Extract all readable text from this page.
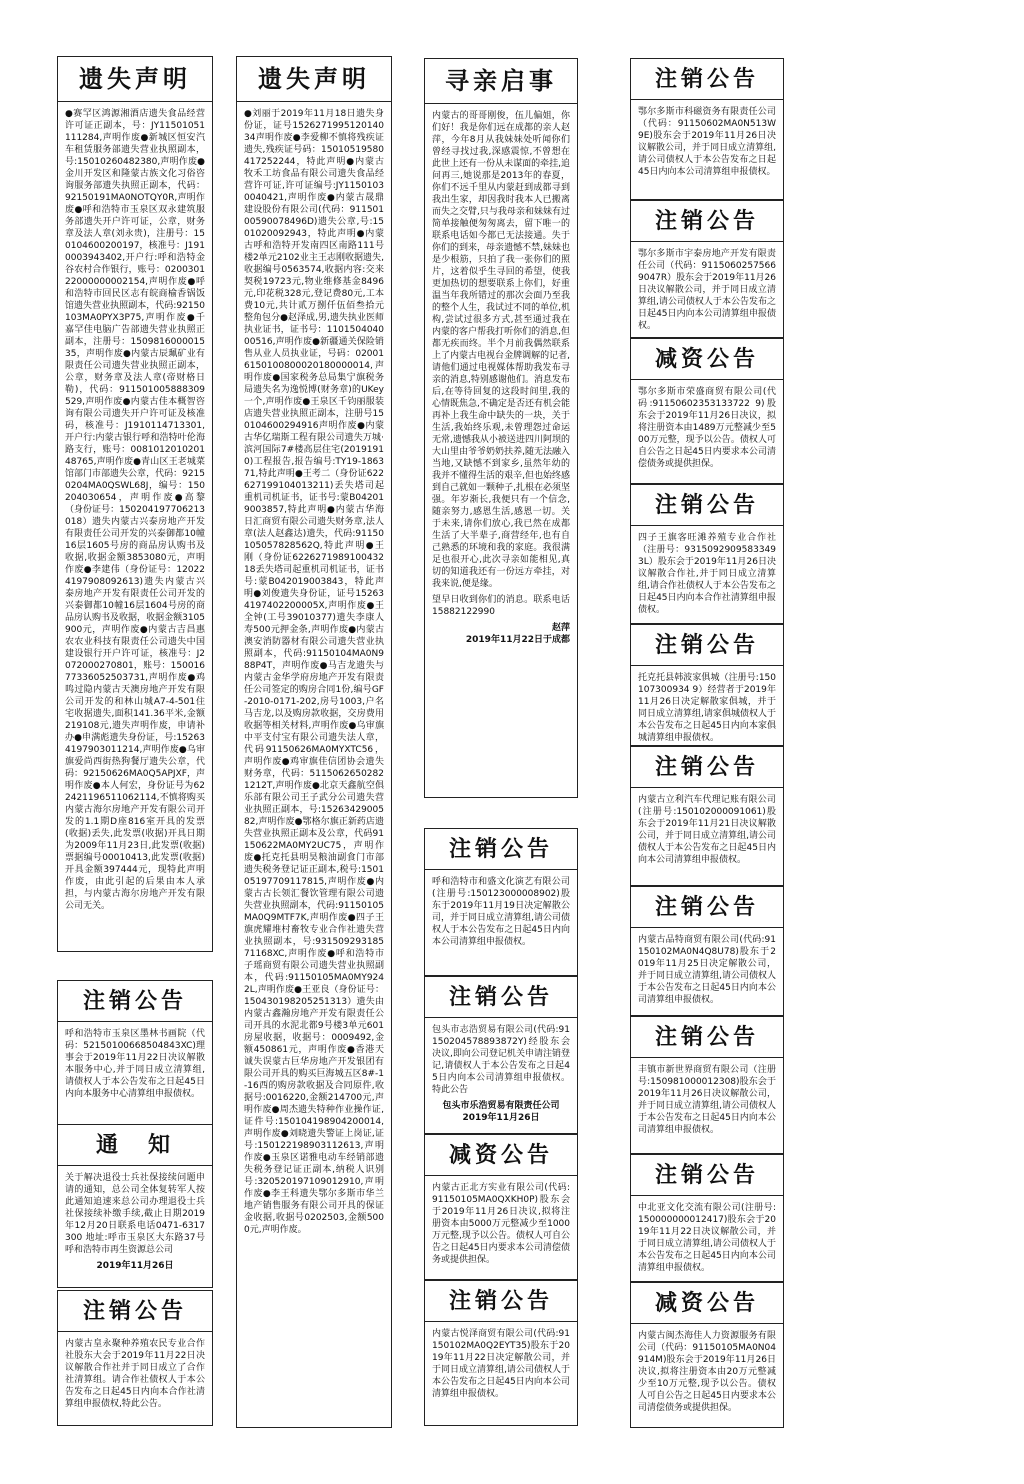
遗失声明
●赛罕区鸿源湘酒店遗失食品经营许可证正副本，号：JY11501051111284,声明作废●新城区恒安汽车租赁服务部遗失营业执照副本，号:15010260482380,声明作废●金川开发区和隆蒙古族文化习俗咨询服务部遗失执照正副本，代码：92150191MA0NOTQY0R,声明作废●呼和浩特市玉泉区双永建筑服务部遗失开户许可证，公章，财务章及法人章(刘永贵)，注册号：150104600200197，核准号：J1910003943402,开户行:呼和浩特金谷农村合作银行，账号：020030122000000002154,声明作废●呼和浩特市回民区志有皖商榆香锅饭馆遗失营业执照副本，代码:92150103MA0PYX3P75,声明作废●千嘉罕佳电脑广告部遗失营业执照正副本，注册号：150981600001535，声明作废●内蒙古辰珮矿业有限责任公司遗失营业执照正副本，公章，财务章及法人章(帝财格日勒)，代码：911501005888309529,声明作废●内蒙古佳本概智咨询有限公司遗失开户许可证及核准码，核准号：J1910114713301,开户行:内蒙古银行呼和浩特叶伦海路支行，账号：008101201020148765,声明作废●青山区王老城菜馆部门市部遗失公章，代码：92150204MA0QSWL68J，编号：150204030654，声明作废●高黎（身份证号：150204197706213018）遗失内蒙古兴泰房地产开发有限责任公司开发的兴泰御都10幢16层1605号房的商品房认购书及收据,收据金额3853080元，声明作废●李建伟（身份证号：120224197908092613)遗失内蒙古兴泰房地产开发有限责任公司开发的兴泰御都10幢16层1604号房的商品房认购书及收据，收据金额3105900元，声明作废●内蒙古吉昌惠农农业科技有限责任公司遗失中国建设银行开户许可证，核准号：J2072000270801，账号：15001677336052503731,声明作废●鸡鸣过隐内蒙古天澳房地产开发有限公司开发的和林山城A7-4-501住宅收据遗失,面积141.36平米,金额219108元,遗失声明作废，申请补办●申满彪遗失身份证，号:152634197903011214,声明作废●乌审旗爱尚西街热狗餐厅遗失公章，代码：92150626MA0Q5APJXF，声明作废●本人何宏，身份证号为622421196511062114,不慎将购买内蒙古海尔房地产开发有限公司开发的1.1期D座816室开具的发票(收据)丢失,此发票(收据)开具日期为2009年11月23日,此发票(收据)票据编号00010413,此发票(收据)开具金额397444元，现特此声明作废，由此引起的后果由本人承担，与内蒙古海尔房地产开发有限公司无关。
注销公告
呼和浩特市玉泉区墨林书画院（代码：52150100668504843XC)理事会于2019年11月22日决议解散本服务中心,并于同日成立清算组,请债权人于本公告发布之日起45日内向本服务中心清算组申报债权。
通　知
关于解决退役士兵社保接续问题申请的通知，总公司全体复转军人按此通知追速来总公司办理退役士兵社保接续补缴手续,截止日期2019年12月20日联系电话0471-6317300 地址:呼市玉泉区大东路37号呼和浩特市再生资源总公司
2019年11月26日
注销公告
内蒙古皇永聚种养殖农民专业合作社股东大会于2019年11月22日决议解散合作社并于同日成立了合作社清算组。请合作社债权人于本公告发布之日起45日内向本合作社清算组申报债权,特此公告。
遗失声明
●刘丽于2019年11月18日遗失身份证，证号152627199512014034声明作废●李爱柳不慎将残疾证遗失,残疾证号码：15010519580417252244，特此声明●内蒙古牧禾工坊食品有限公司遗失食品经营许可证,许可证编号:JY11501030040421,声明作废●内蒙古晟鼎建设股份有限公司(代码：91150100590078496D)遗失公章,号:1501020092943，特此声明●内蒙古呼和浩特开发南四区南路111号楼2单元2102业主王志刚收据遗失,收据编号0563574,收据内容:交来契税19723元,物业维修基金8496元,印花税328元,登记费80元,工本费10元,共计贰万捌仟伍佰叁拾元整角包分●赵泽成,男,遗失执业医师执业证书，证书号：110150404000516,声明作废●新疆通关保险销售从业人员执业证，号码：020016150100800020180000014,声明作废●国家税务总局集宁旗税务局遗失名为逸悦博(财务章)的UKey一个,声明作废●王泉区千钧丽服装店遗失营业执照正副本，注册号150104600294916声明作废●内蒙古华亿瑞斯工程有限公司遗失万城·滨河国际7#楼高层住宅(20191910)工程报告,报告编号:TY19-186371,特此声明●王考二（身份证622627199104013211)丢失塔司起重机司机证书，证书号:蒙B042019003857,特此声明●内蒙古华海日汇商贸有限公司遗失财务章,法人章(法人赵鑫达)遗失，代码:91150105057828562Q,特此声明●王刚（身份证622627198910043218丢失塔司起重机司机证书，证书号:蒙B042019003843，特此声明●刘俊遗失身份证，证号152634197402200005X,声明作废●王全钟(工号39010377)遗失李康人寿500元押金条,声明作废●内蒙古澳安消防器材有限公司遗失营业执照副本，代码:91150104MA0N988P4T，声明作废●马吉龙遗失与内蒙古金华学府房地产开发有限责任公司签定的购房合同1份,编号GF-2010-0171-202,房号1003,户名马吉龙,以及购房款收据，交房费用收据等相关材料,声明作废●乌审旗中平支付宝有限公司遗失法人章，代码91150626MA0MYXTC56，声明作废●鸡审旗佳信团协会遗失财务章，代码：51150626502821212T,声明作废●北京天鑫航空俱乐部有限公司王子武分公司遗失营业执照正副本，号:1526342900582,声明作废●鄂格尔旗正新药店遗失营业执照正副本及公章，代码91150622MA0MY2UC75，声明作废●托克托县明昊粮油副食门市部遗失税务登记证正副本,税号:150105197709117815,声明作废●内蒙古古长领汇餐饮管理有限公司遗失营业执照副本，代码:91150105MA0Q9MTF7K,声明作废●四子王旗虎耀堆村畜牧专业合作社遗失营业执照副本，号:93150929318571168XC,声明作废●呼和浩特市子瑶商贸有限公司遗失营业执照副本，代码:91150105MA0MY9242L,声明作废●王亚良（身份证号：150430198205251313）遗失由内蒙古鑫瀚房地产开发有限责任公司开具的水泥北都9号楼3单元601房屋收据，收据号：0009492,金额450861元，声明作废●香港天诚失误蒙古巨华房地产开发银团有限公司开具的购买巨海城五区8#-1-16西的购房款收据及合同原件,收据号:0016220,金额214700元,声明作废●周杰遗失特种作业操作证,证件号:150104198904200014,声明作废●刘晓遗失警证上岗证,证号:150122198903112613,声明作废●玉泉区诺雅电动车经销部遗失税务登记证正副本,纳税人识别号:320520197109012910,声明作废●李王科遗失鄂尔多斯市华兰地产销售服务有限公司开具的保证金收据,收据号0202503,金额5000元,声明作废。
寻亲启事
内蒙古的哥哥刚俊，伍儿偏姐，你们好！我是你们远在成都的亲人赵萍，今年8月从我妹妹处听闻你们曾经寻找过我,深感震惊,不曾想在此世上还有一份从未谋面的牵挂,追问再三,她说那是2013年的春夏，你们不远千里从内蒙赶到成都寻到我出生家，却因我时我本人已搬离而失之交臂,只与我母亲和妹妹有过简单接触便匆匆离去，留下唯一的联系电话如今都已无法接通。失于你们的到来，母亲遗憾不禁,妹妹也是少根筋，只拍了我一张你们的照片，这着似乎生寻回的希望，使我更加热切的想要联系上你们，好重温当年我所错过的那次会面乃至我的整个人生，我试过不同的单位,机构,尝试过很多方式,甚至通过我在内蒙的客户帮我打听你们的消息,但都无疾而终。半个月前我偶然联系上了内蒙古电视台金牌调解的记者,请他们通过电视媒体帮助我发布寻亲的消息,特别感谢他们。消息发布后,在等待回复的这段时间里,我的心情既焦急,不确定是否还有机会能再补上我生命中缺失的一块，关于生活,我始终乐观,未曾理怨过命运无常,遗憾我从小被送进四川阿坝的大山里由爷爷奶奶扶养,随无法融入当地,又缺憾不到家乡,虽然年幼的我并不懂得生活的艰辛,但也始终感到自己就如一颗种子,扎根在必须坚强。年岁渐长,我便只有一个信念,随亲努力,感恩生活,感恩一切。关于未来,请你们放心,我已然在成都生活了大半辈子,商营经年,也有自己熟悉的环境和我的家庭。我很满足也很开心,此次寻亲如能相见,真切的知道我还有一份远方牵挂，对我来说,便是缘。
望早日收到你们的消息。联系电话15882122990
赵萍
2019年11月22日于成都
注销公告
呼和浩特市和盛文化演艺有限公司(注册号:150123000008902)股东于2019年11月19日决定解散公司，并于同日成立清算组,请公司债权人于本公告发布之日起45日内向本公司清算组申报债权。
注销公告
包头市志浩贸易有限公司(代码:91150204578893872Y)经股东会决议,即向公司登记机关申请注销登记,请债权人于本公告发布之日起45日内向本公司清算组申报债权。特此公告
包头市乐浩贸易有限责任公司
2019年11月26日
减资公告
内蒙古正北方实业有限公司(代码:91150105MA0QXKH0P)股东会于2019年11月26日决议,拟将注册资本由5000万元整减少至1000万元整,现予以公告。债权人可自公告之日起45日内要求本公司清偿债务或提供担保。
注销公告
内蒙古悦泽商贸有限公司(代码:91150102MA0Q2EYT35)股东于2019年11月22日决定解散公司，并于同日成立清算组,请公司债权人于本公告发布之日起45日内向本公司清算组申报债权。
注销公告
鄂尔多斯市科磁资务有限责任公司（代码：91150602MA0N513W9E)股东会于2019年11月26日决议解散公司，并于同日成立清算组,请公司债权人于本公告发布之日起45日内向本公司清算组申报债权。
注销公告
鄂尔多斯市宇泰房地产开发有限责任公司（代码：91150602575669047R）股东会于2019年11月26日决议解散公司，并于同日成立清算组,请公司债权人于本公告发布之日起45日内向本公司清算组申报债权。
减资公告
鄂尔多斯市荣盛商贸有限公司(代码:91150602353133722 9)股东会于2019年11月26日决议，拟将注册资本由1489万元整减少至500万元整，现予以公告。债权人可自公告之日起45日内要求本公司清偿债务或提供担保。
注销公告
四子王旗客旺滩养殖专业合作社（注册号：93150929095833493L）股东会于2019年11月26日决议解散合作社,并于同日成立清算组,请合作社债权人于本公告发布之日起45日内向本合作社清算组申报债权。
注销公告
托克托县韩波家俱城（注册号:150107300934 9）经营者于2019年11月26日决定解散家俱城，并于同日成立清算组,请家俱城债权人于本公告发布之日起45日内向本家俱城清算组申报债权。
注销公告
内蒙古立利汽车代理记账有限公司(注册号:150102000091061)股东会于2019年11月21日决议解散公司，并于同日成立清算组,请公司债权人于本公告发布之日起45日内向本公司清算组申报债权。
注销公告
内蒙古品特商贸有限公司(代码:91150102MA0N4Q8U78)股东于2019年11月25日决定解散公司，并于同日成立清算组,请公司债权人于本公告发布之日起45日内向本公司清算组申报债权。
注销公告
丰镇市新世界商贸有限公司（注册号:150981000012308)股东会于2019年11月26日决议解散公司，并于同日成立清算组,请公司债权人于本公告发布之日起45日内向本公司清算组申报债权。
注销公告
中北亚文化交流有限公司(注册号:150000000012417)股东会于2019年11月22日决议解散公司，并于同日成立清算组,请公司债权人于本公告发布之日起45日内向本公司清算组申报债权。
减资公告
内蒙古闽杰海佳人力资源服务有限公司（代码：91150105MA0N04914M)股东会于2019年11月26日决议,拟将注册资本由20万元整减少至10万元整,现予以公告。债权人可自公告之日起45日内要求本公司清偿债务或提供担保。
